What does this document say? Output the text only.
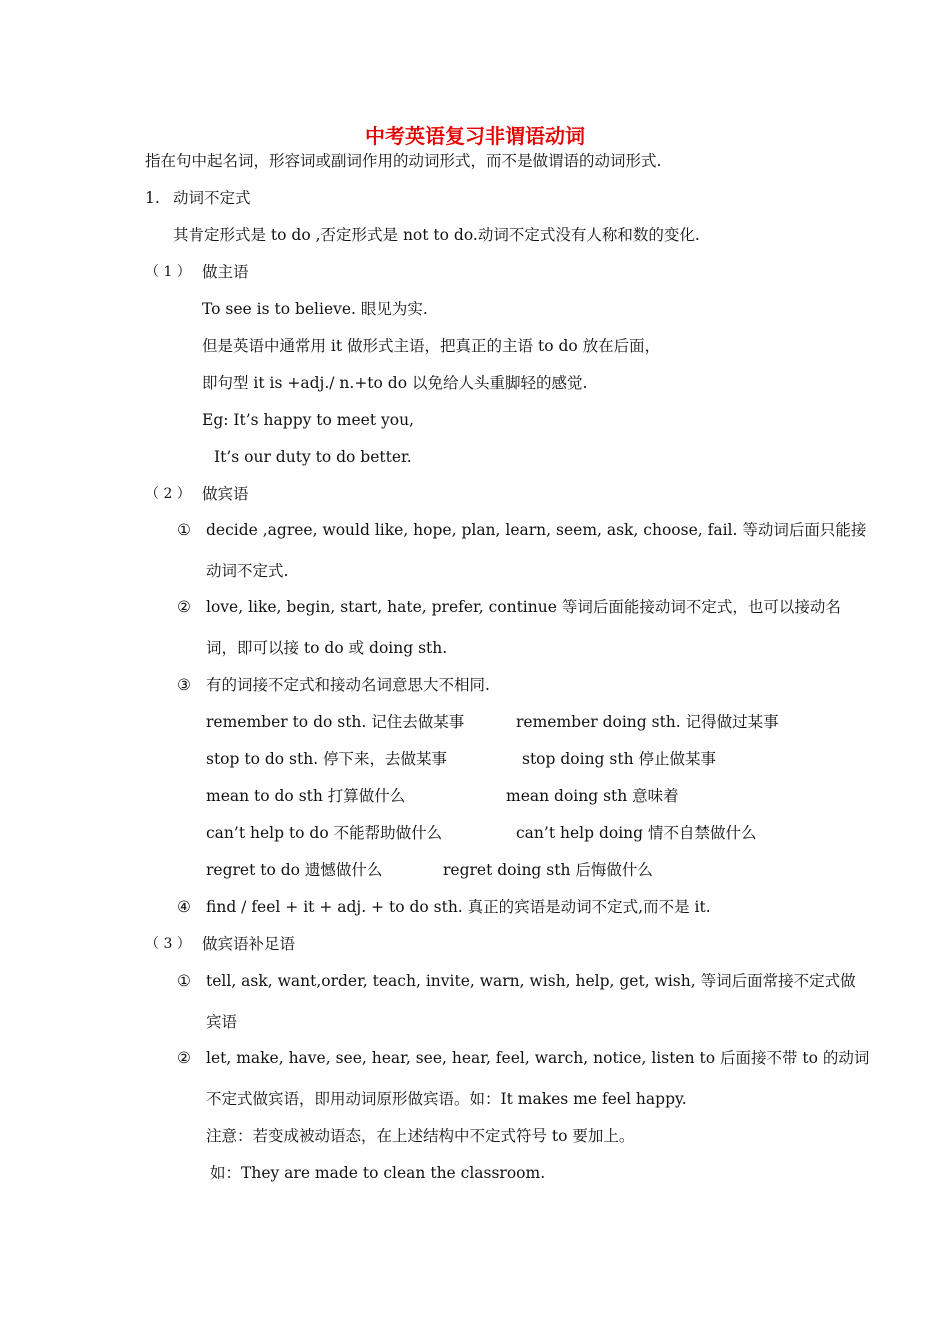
中考英语复习非谓语动词
指在句中起名词，形容词或副词作用的动词形式，而不是做谓语的动词形式.
1. 动词不定式
其肯定形式是 to do ,否定形式是 not to do.动词不定式没有人称和数的变化.
（ 1 ） 做主语
To see is to believe. 眼见为实.
但是英语中通常用 it 做形式主语，把真正的主语 to do 放在后面，
即句型 it is +adj./ n.+to do 以免给人头重脚轻的感觉.
Eg: It’s happy to meet you,
It’s our duty to do better.
（ 2 ） 做宾语
① decide ,agree, would like, hope, plan, learn, seem, ask, choose, fail. 等动词后面只能接
动词不定式.
② love, like, begin, start, hate, prefer, continue 等词后面能接动词不定式，也可以接动名
词，即可以接 to do 或 doing sth.
③ 有的词接不定式和接动名词意思大不相同.
remember to do sth. 记住去做某事	remember doing sth. 记得做过某事
stop to do sth. 停下来，去做某事	stop doing sth 停止做某事
mean to do sth 打算做什么	mean doing sth 意味着
can’t help to do 不能帮助做什么	can’t help doing 情不自禁做什么
regret to do 遗憾做什么	regret doing sth 后悔做什么
④ find / feel + it + adj. + to do sth. 真正的宾语是动词不定式,而不是 it.
（ 3 ） 做宾语补足语
① tell, ask, want,order, teach, invite, warn, wish, help, get, wish, 等词后面常接不定式做
宾语
② let, make, have, see, hear, see, hear, feel, warch, notice, listen to 后面接不带 to 的动词
不定式做宾语，即用动词原形做宾语。如：It makes me feel happy.
注意：若变成被动语态，在上述结构中不定式符号 to 要加上。
如：They are made to clean the classroom.
